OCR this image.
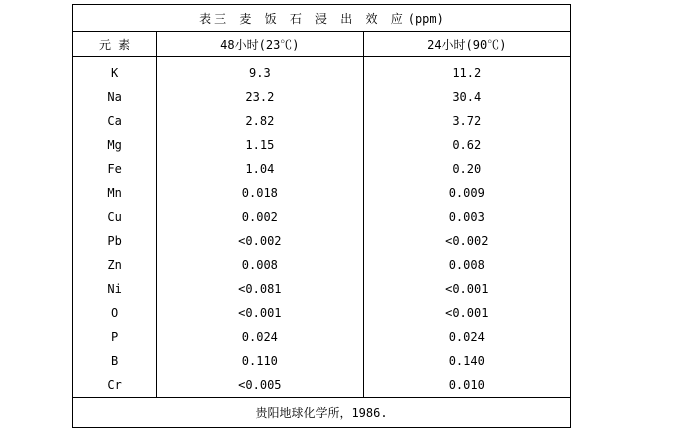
表三 麦 饭 石 浸 出 效 应 (ppm)		
元 素	48小时(23℃)	24小时(90℃)
K	9.3	11.2
Na	23.2	30.4
Ca	2.82	3.72
Mg	1.15	0.62
Fe	1.04	0.20
Mn	0.018	0.009
Cu	0.002	0.003
Pb	<0.002	<0.002
Zn	0.008	0.008
Ni	<0.081	<0.001
O	<0.001	<0.001
P	0.024	0.024
B	0.110	0.140
Cr	<0.005	0.010
贵阳地球化学所，1986.		
